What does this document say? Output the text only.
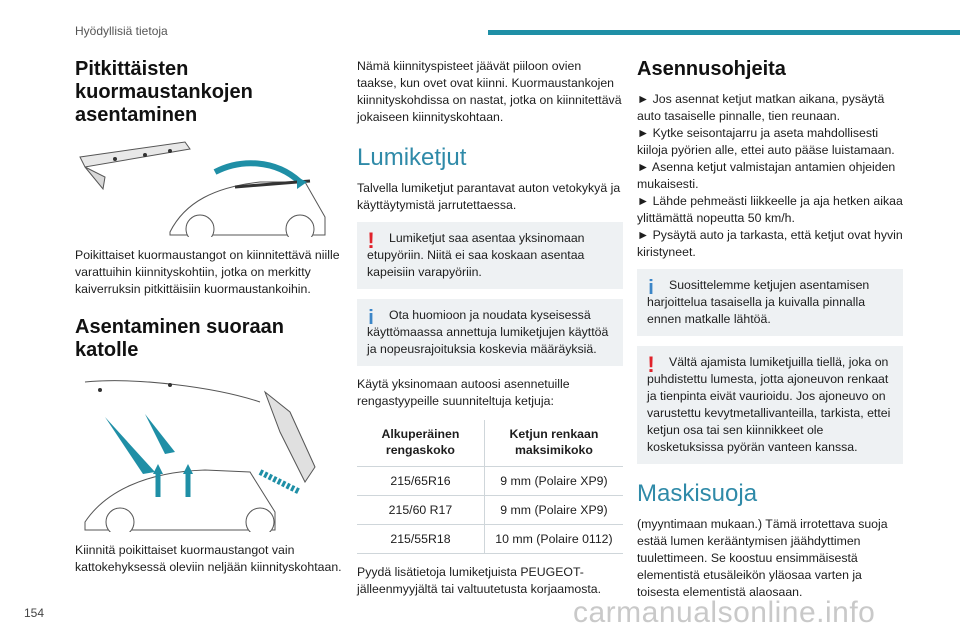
Hyödyllisiä tietoja
Pitkittäisten kuormaustankojen asentaminen

Poikittaiset kuormaustangot on kiinnitettävä niille varattuihin kiinnityskohtiin, jotka on merkitty kaiverruksin pitkittäisiin kuormaustankoihin.

Asentaminen suoraan katolle

Kiinnitä poikittaiset kuormaustangot vain kattokehyksessä oleviin neljään kiinnityskohtaan.

Nämä kiinnityspisteet jäävät piiloon ovien taakse, kun ovet ovat kiinni. Kuormaustankojen kiinnityskohdissa on nastat, jotka on kiinnitettävä jokaiseen kiinnityskohtaan.

Lumiketjut

Talvella lumiketjut parantavat auton vetokykyä ja käyttäytymistä jarrutettaessa.

!	Lumiketjut saa asentaa yksinomaan etupyöriin. Niitä ei saa koskaan asentaa kapeisiin varapyöriin.
i	Ota huomioon ja noudata kyseisessä käyttömaassa annettuja lumiketjujen käyttöä ja nopeusrajoituksia koskevia määräyksiä.

Käytä yksinomaan autoosi asennetuille rengastyypeille suunniteltuja ketjuja:

Alkuperäinen rengaskoko	Ketjun renkaan maksimikoko
215/65R16	9 mm (Polaire XP9)
215/60 R17	9 mm (Polaire XP9)
215/55R18	10 mm (Polaire 0112)

Pyydä lisätietoja lumiketjuista PEUGEOT-jälleenmyyjältä tai valtuutetusta korjaamosta.

Asennusohjeita

► Jos asennat ketjut matkan aikana, pysäytä auto tasaiselle pinnalle, tien reunaan.
► Kytke seisontajarru ja aseta mahdollisesti kiiloja pyörien alle, ettei auto pääse luistamaan.
► Asenna ketjut valmistajan antamien ohjeiden mukaisesti.
► Lähde pehmeästi liikkeelle ja aja hetken aikaa ylittämättä nopeutta 50 km/h.
► Pysäytä auto ja tarkasta, että ketjut ovat hyvin kiristyneet.

i	Suosittelemme ketjujen asentamisen harjoittelua tasaisella ja kuivalla pinnalla ennen matkalle lähtöä.
!	Vältä ajamista lumiketjuilla tiellä, joka on puhdistettu lumesta, jotta ajoneuvon renkaat ja tienpinta eivät vaurioidu. Jos ajoneuvo on varustettu kevytmetallivanteilla, tarkista, ettei ketjun osa tai sen kiinnikkeet ole kosketuksissa pyörän vanteen kanssa.
Maskisuoja

(myyntimaan mukaan.) Tämä irrotettava suoja estää lumen kerääntymisen jäähdyttimen tuulettimeen. Se koostuu ensimmäisestä elementistä etusäleikön yläosaa varten ja toisesta elementistä alaosaan.

154	carmanualsonline.info
